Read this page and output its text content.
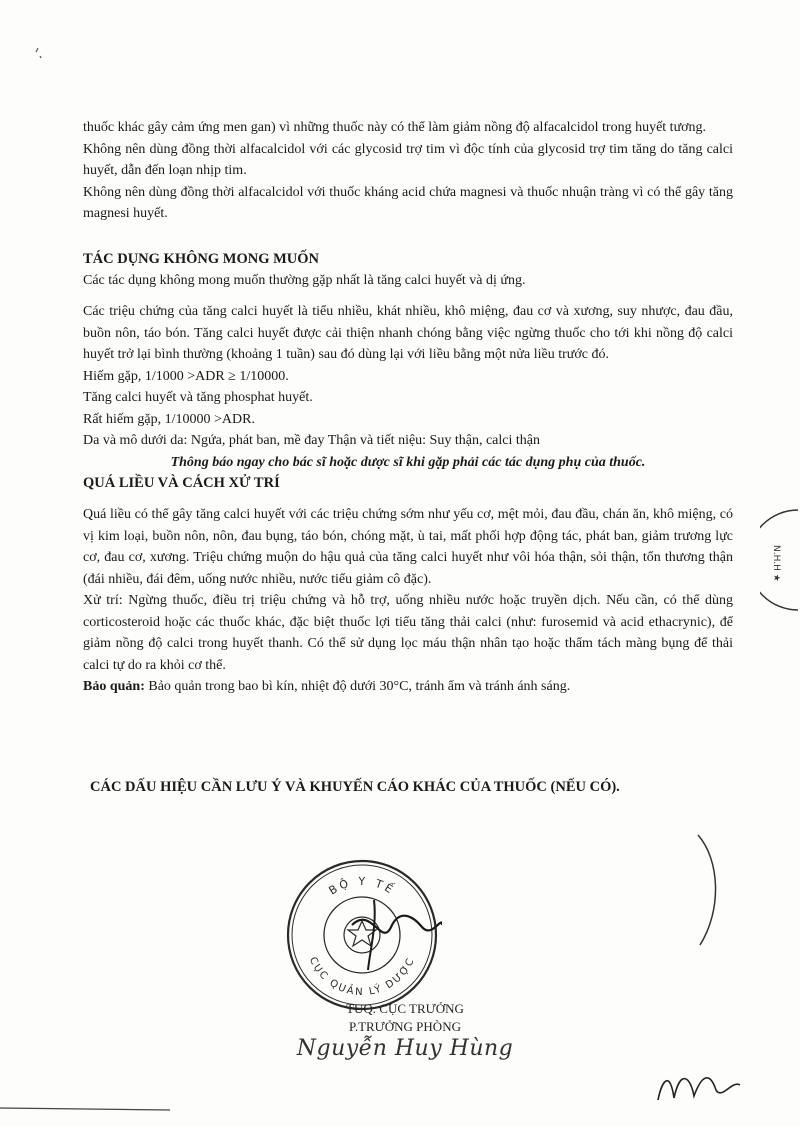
thuốc khác gây cảm ứng men gan) vì những thuốc này có thể làm giảm nồng độ alfacalcidol trong huyết tương.

Không nên dùng đồng thời alfacalcidol với các glycosid trợ tim vì độc tính của glycosid trợ tim tăng do tăng calci huyết, dẫn đến loạn nhịp tim.

Không nên dùng đồng thời alfacalcidol với thuốc kháng acid chứa magnesi và thuốc nhuận tràng vì có thể gây tăng magnesi huyết.

TÁC DỤNG KHÔNG MONG MUỐN

Các tác dụng không mong muốn thường gặp nhất là tăng calci huyết và dị ứng.

Các triệu chứng của tăng calci huyết là tiểu nhiều, khát nhiều, khô miệng, đau cơ và xương, suy nhược, đau đầu, buồn nôn, táo bón. Tăng calci huyết được cải thiện nhanh chóng bằng việc ngừng thuốc cho tới khi nồng độ calci huyết trở lại bình thường (khoảng 1 tuần) sau đó dùng lại với liều bằng một nửa liều trước đó.

Hiếm gặp, 1/1000 >ADR ≥ 1/10000.

Tăng calci huyết và tăng phosphat huyết.

Rất hiếm gặp, 1/10000 >ADR.

Da và mô dưới da: Ngứa, phát ban, mề đay Thận và tiết niệu: Suy thận, calci thận

Thông báo ngay cho bác sĩ hoặc dược sĩ khi gặp phải các tác dụng phụ của thuốc.

QUÁ LIỀU VÀ CÁCH XỬ TRÍ

Quá liều có thể gây tăng calci huyết với các triệu chứng sớm như yếu cơ, mệt mỏi, đau đầu, chán ăn, khô miệng, có vị kim loại, buồn nôn, nôn, đau bụng, táo bón, chóng mặt, ù tai, mất phối hợp động tác, phát ban, giảm trương lực cơ, đau cơ, xương. Triệu chứng muộn do hậu quả của tăng calci huyết như vôi hóa thận, sỏi thận, tổn thương thận (đái nhiều, đái đêm, uống nước nhiều, nước tiểu giảm cô đặc).

Xử trí: Ngừng thuốc, điều trị triệu chứng và hỗ trợ, uống nhiều nước hoặc truyền dịch. Nếu cần, có thể dùng corticosteroid hoặc các thuốc khác, đặc biệt thuốc lợi tiểu tăng thải calci (như: furosemid và acid ethacrynic), để giảm nồng độ calci trong huyết thanh. Có thể sử dụng lọc máu thận nhân tạo hoặc thẩm tách màng bụng để thải calci tự do ra khỏi cơ thể.

Bảo quản: Bảo quản trong bao bì kín, nhiệt độ dưới 30°C, tránh ẩm và tránh ánh sáng.

CÁC DẤU HIỆU CẦN LƯU Ý VÀ KHUYẾN CÁO KHÁC CỦA THUỐC (NẾU CÓ).
BỘ Y TẾ
CỤC QUẢN LÝ DƯỢC
TUQ. CỤC TRƯỞNG
P.TRƯỞNG PHÒNG
Nguyễn Huy Hùng
N.H.H ★
